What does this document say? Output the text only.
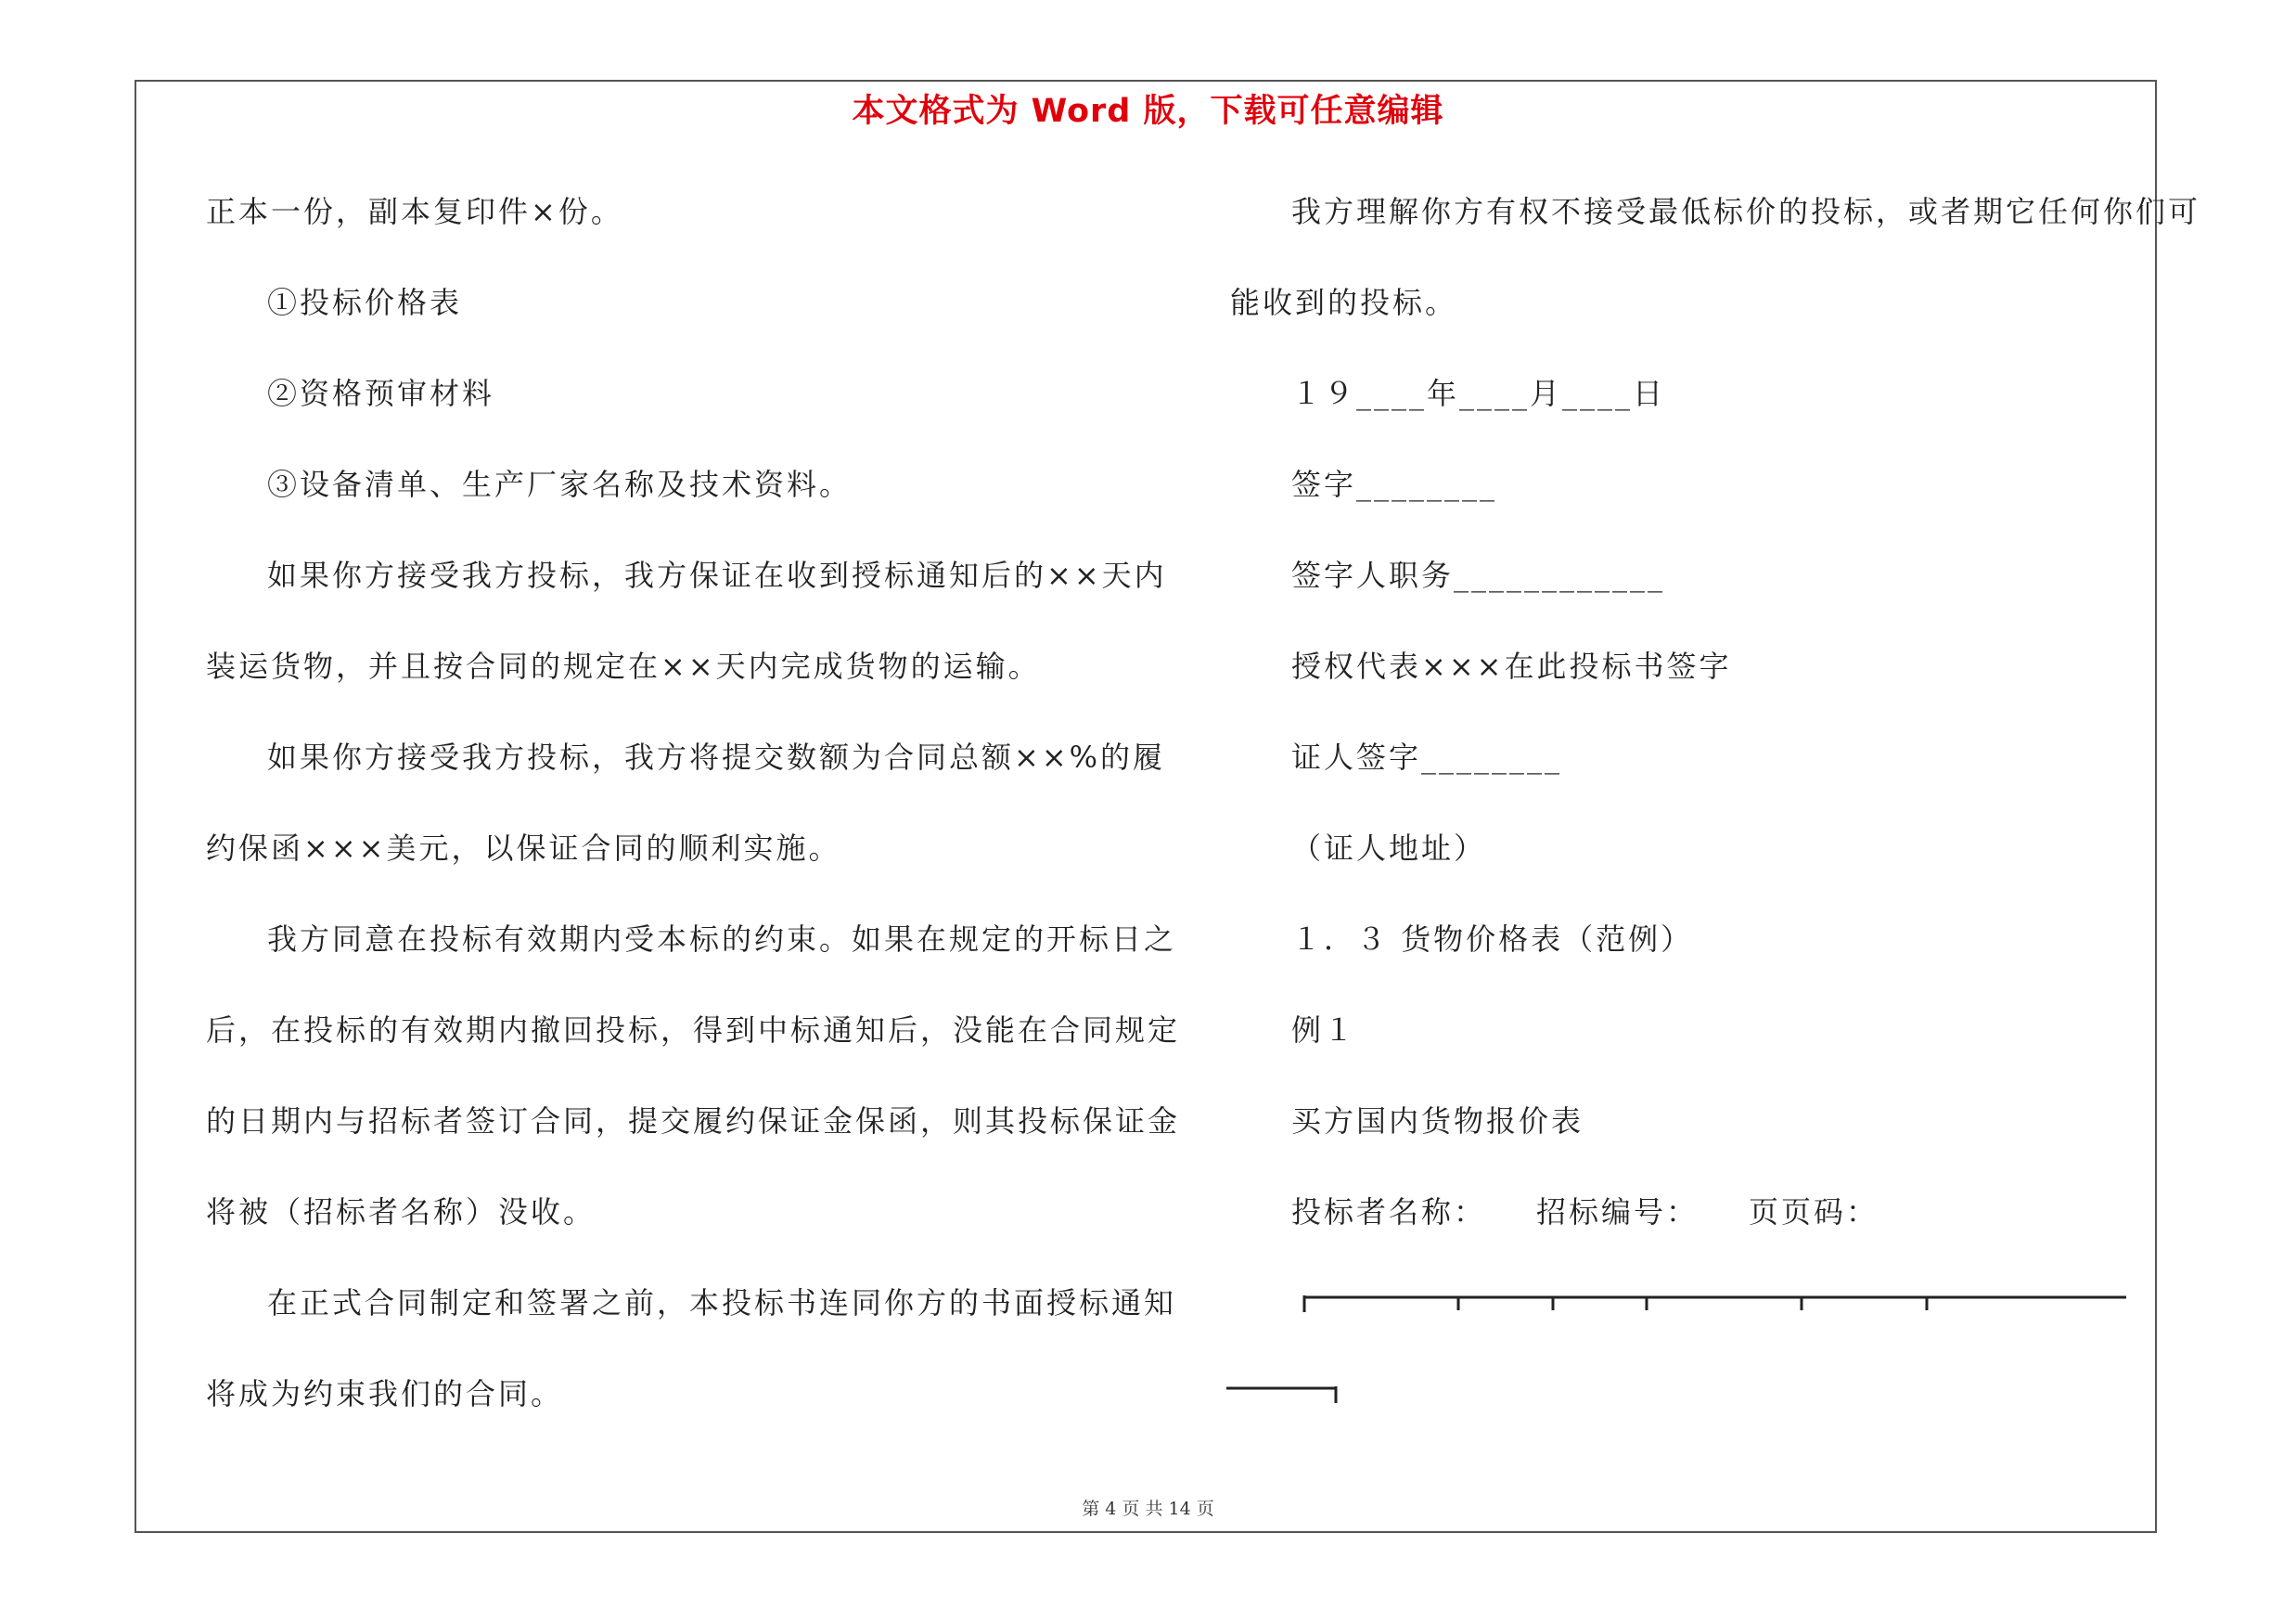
本文格式为 Word 版，下载可任意编辑
正本一份，副本复印件×份。
①投标价格表
②资格预审材料
③设备清单、生产厂家名称及技术资料。
如果你方接受我方投标，我方保证在收到授标通知后的××天内
装运货物，并且按合同的规定在××天内完成货物的运输。
如果你方接受我方投标，我方将提交数额为合同总额××%的履
约保函×××美元，以保证合同的顺利实施。
我方同意在投标有效期内受本标的约束。如果在规定的开标日之
后，在投标的有效期内撤回投标，得到中标通知后，没能在合同规定
的日期内与招标者签订合同，提交履约保证金保函，则其投标保证金
将被（招标者名称）没收。
在正式合同制定和签署之前，本投标书连同你方的书面授标通知
将成为约束我们的合同。
我方理解你方有权不接受最低标价的投标，或者期它任何你们可
能收到的投标。
１９____年____月____日
签字________
签字人职务____________
授权代表×××在此投标书签字
证人签字________
（证人地址）
１．３ 货物价格表（范例）
例１
买方国内货物报价表
投标者名称：　　招标编号：　　页页码：
第 4 页 共 14 页
